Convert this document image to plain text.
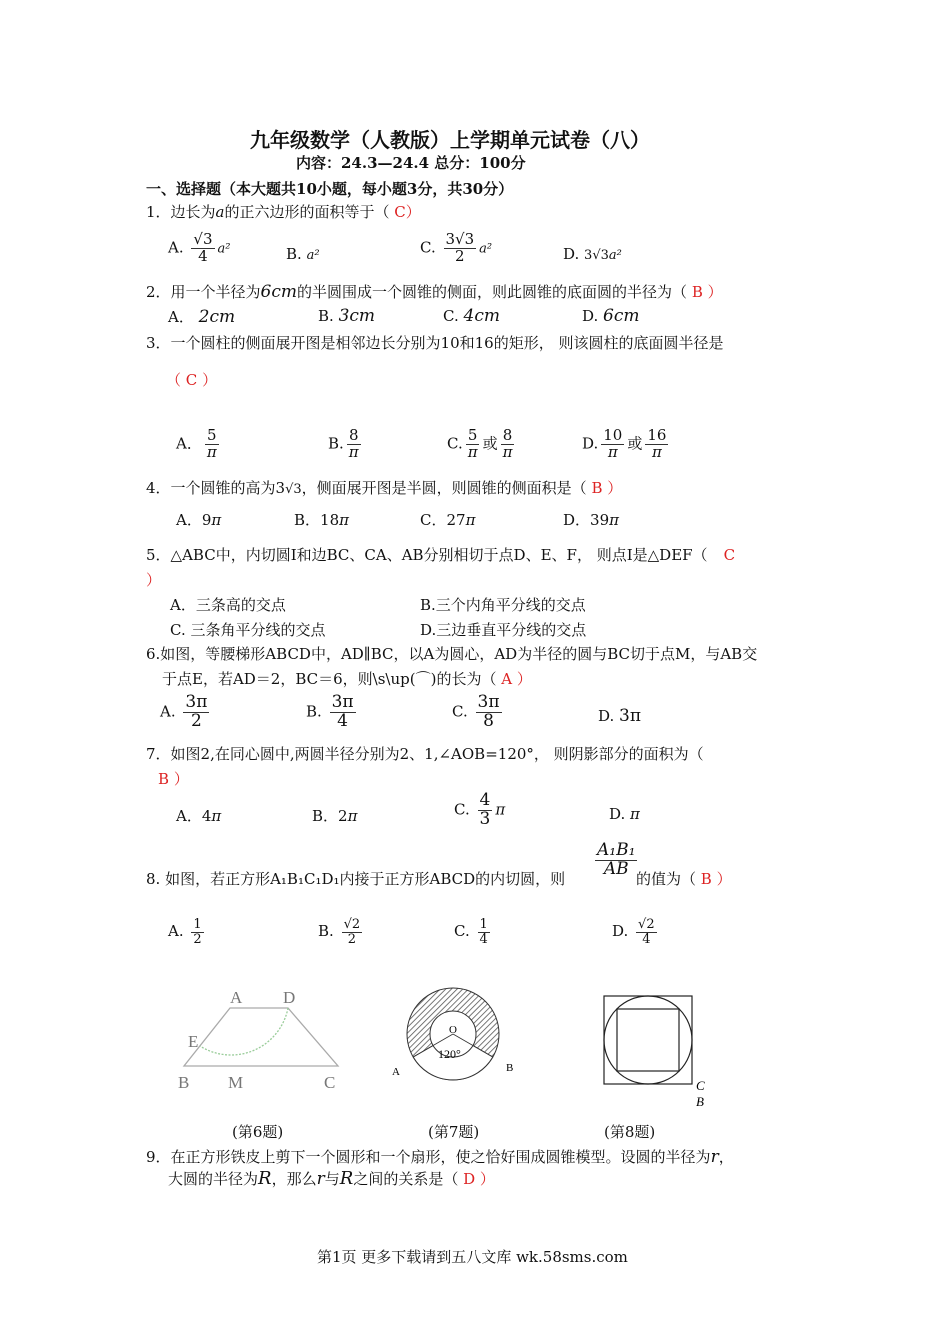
九年级数学（人教版）上学期单元试卷（八）
内容：24.3—24.4 总分：100分
一、选择题（本大题共10小题，每小题3分，共30分）
1．边长为a的正六边形的面积等于（ C）
A. $\frac{√3}{4} a^2$	B. a²	C. $\frac{3√3}{2} a^2$	D. 3√3a²
2．用一个半径为6cm的半圆围成一个圆锥的侧面，则此圆锥的底面圆的半径为（ B ）
A． 2cm	B. 3cm	C. 4cm	D. 6cm
3．一个圆柱的侧面展开图是相邻边长分别为10和16的矩形， 则该圆柱的底面圆半径是
（ C ）
A． $\frac{5}{\pi}$	B. $\frac{8}{\pi}$	C. $\frac{5}{\pi}$ 或 $\frac{8}{\pi}$	D. $\frac{10}{\pi}$ 或 $\frac{16}{\pi}$
4．一个圆锥的高为3√3，侧面展开图是半圆，则圆锥的侧面积是（ B ）
A．9π	B．18π	C．27π	D．39π
5．△ABC中，内切圆I和边BC、CA、AB分别相切于点D、E、F， 则点I是△DEF（ C
）
A．三条高的交点	B.三个内角平分线的交点
C. 三条角平分线的交点	D.三边垂直平分线的交点
6.如图，等腰梯形ABCD中，AD∥BC，以A为圆心，AD为半径的圆与BC切于点M，与AB交
于点E，若AD＝2，BC＝6，则\s\up(⌒)的长为（ A ）
A. $\frac{3\pi}{2}$	B. $\frac{3\pi}{4}$	C. $\frac{3\pi}{8}$	D. 3π
7．如图2,在同心圆中,两圆半径分别为2、1,∠AOB=120°， 则阴影部分的面积为（
B ）
A．4π	B．2π	C. $\frac{4}{3}$ π	D. π
8. 如图，若正方形A₁B₁C₁D₁内接于正方形ABCD的内切圆，则
$\frac{\text{A₁B₁}}{AB}$
的值为（ B ）
A. $\frac{1}{2}$	B. $\frac{√2}{2}$	C. $\frac{1}{4}$	D. $\frac{√2}{4}$
A D
E
B M	C
O
120°
A	B
C
B
(第6题)	(第7题)	(第8题)
9．在正方形铁皮上剪下一个圆形和一个扇形，使之恰好围成圆锥模型。设圆的半径为r，
大圆的半径为R，那么r与R之间的关系是（ D ）
第1页 更多下载请到五八文库 wk.58sms.com
